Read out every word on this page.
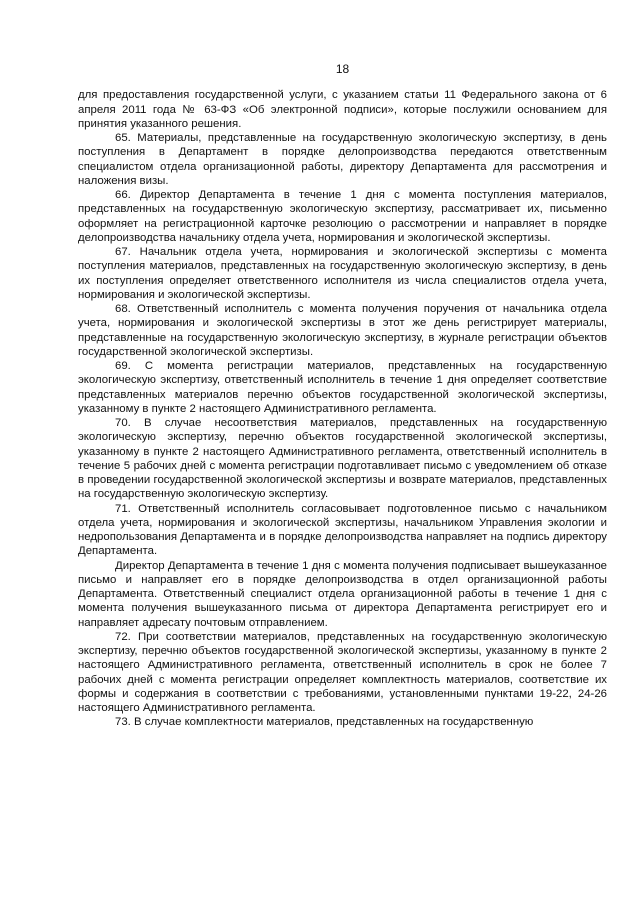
18

для предоставления государственной услуги, с указанием статьи 11 Федерального закона от 6 апреля 2011 года № 63-ФЗ «Об электронной подписи», которые послужили основанием для принятия указанного решения.

65. Материалы, представленные на государственную экологическую экспертизу, в день поступления в Департамент в порядке делопроизводства передаются ответственным специалистом отдела организационной работы, директору Департамента для рассмотрения и наложения визы.

66. Директор Департамента в течение 1 дня с момента поступления материалов, представленных на государственную экологическую экспертизу, рассматривает их, письменно оформляет на регистрационной карточке резолюцию о рассмотрении и направляет в порядке делопроизводства начальнику отдела учета, нормирования и экологической экспертизы.

67. Начальник отдела учета, нормирования и экологической экспертизы с момента поступления материалов, представленных на государственную экологическую экспертизу, в день их поступления определяет ответственного исполнителя из числа специалистов отдела учета, нормирования и экологической экспертизы.

68. Ответственный исполнитель с момента получения поручения от начальника отдела учета, нормирования и экологической экспертизы в этот же день регистрирует материалы, представленные на государственную экологическую экспертизу, в журнале регистрации объектов государственной экологической экспертизы.

69. С момента регистрации материалов, представленных на государственную экологическую экспертизу, ответственный исполнитель в течение 1 дня определяет соответствие представленных материалов перечню объектов государственной экологической экспертизы, указанному в пункте 2 настоящего Административного регламента.

70. В случае несоответствия материалов, представленных на государственную экологическую экспертизу, перечню объектов государственной экологической экспертизы, указанному в пункте 2 настоящего Административного регламента, ответственный исполнитель в течение 5 рабочих дней с момента регистрации подготавливает письмо с уведомлением об отказе в проведении государственной экологической экспертизы и возврате материалов, представленных на государственную экологическую экспертизу.

71. Ответственный исполнитель согласовывает подготовленное письмо с начальником отдела учета, нормирования и экологической экспертизы, начальником Управления экологии и недропользования Департамента и в порядке делопроизводства направляет на подпись директору Департамента.

Директор Департамента в течение 1 дня с момента получения подписывает вышеуказанное письмо и направляет его в порядке делопроизводства в отдел организационной работы Департамента. Ответственный специалист отдела организационной работы в течение 1 дня с момента получения вышеуказанного письма от директора Департамента регистрирует его и направляет адресату почтовым отправлением.

72. При соответствии материалов, представленных на государственную экологическую экспертизу, перечню объектов государственной экологической экспертизы, указанному в пункте 2 настоящего Административного регламента, ответственный исполнитель в срок не более 7 рабочих дней с момента регистрации определяет комплектность материалов, соответствие их формы и содержания в соответствии с требованиями, установленными пунктами 19-22, 24-26 настоящего Административного регламента.

73. В случае комплектности материалов, представленных на государственную
